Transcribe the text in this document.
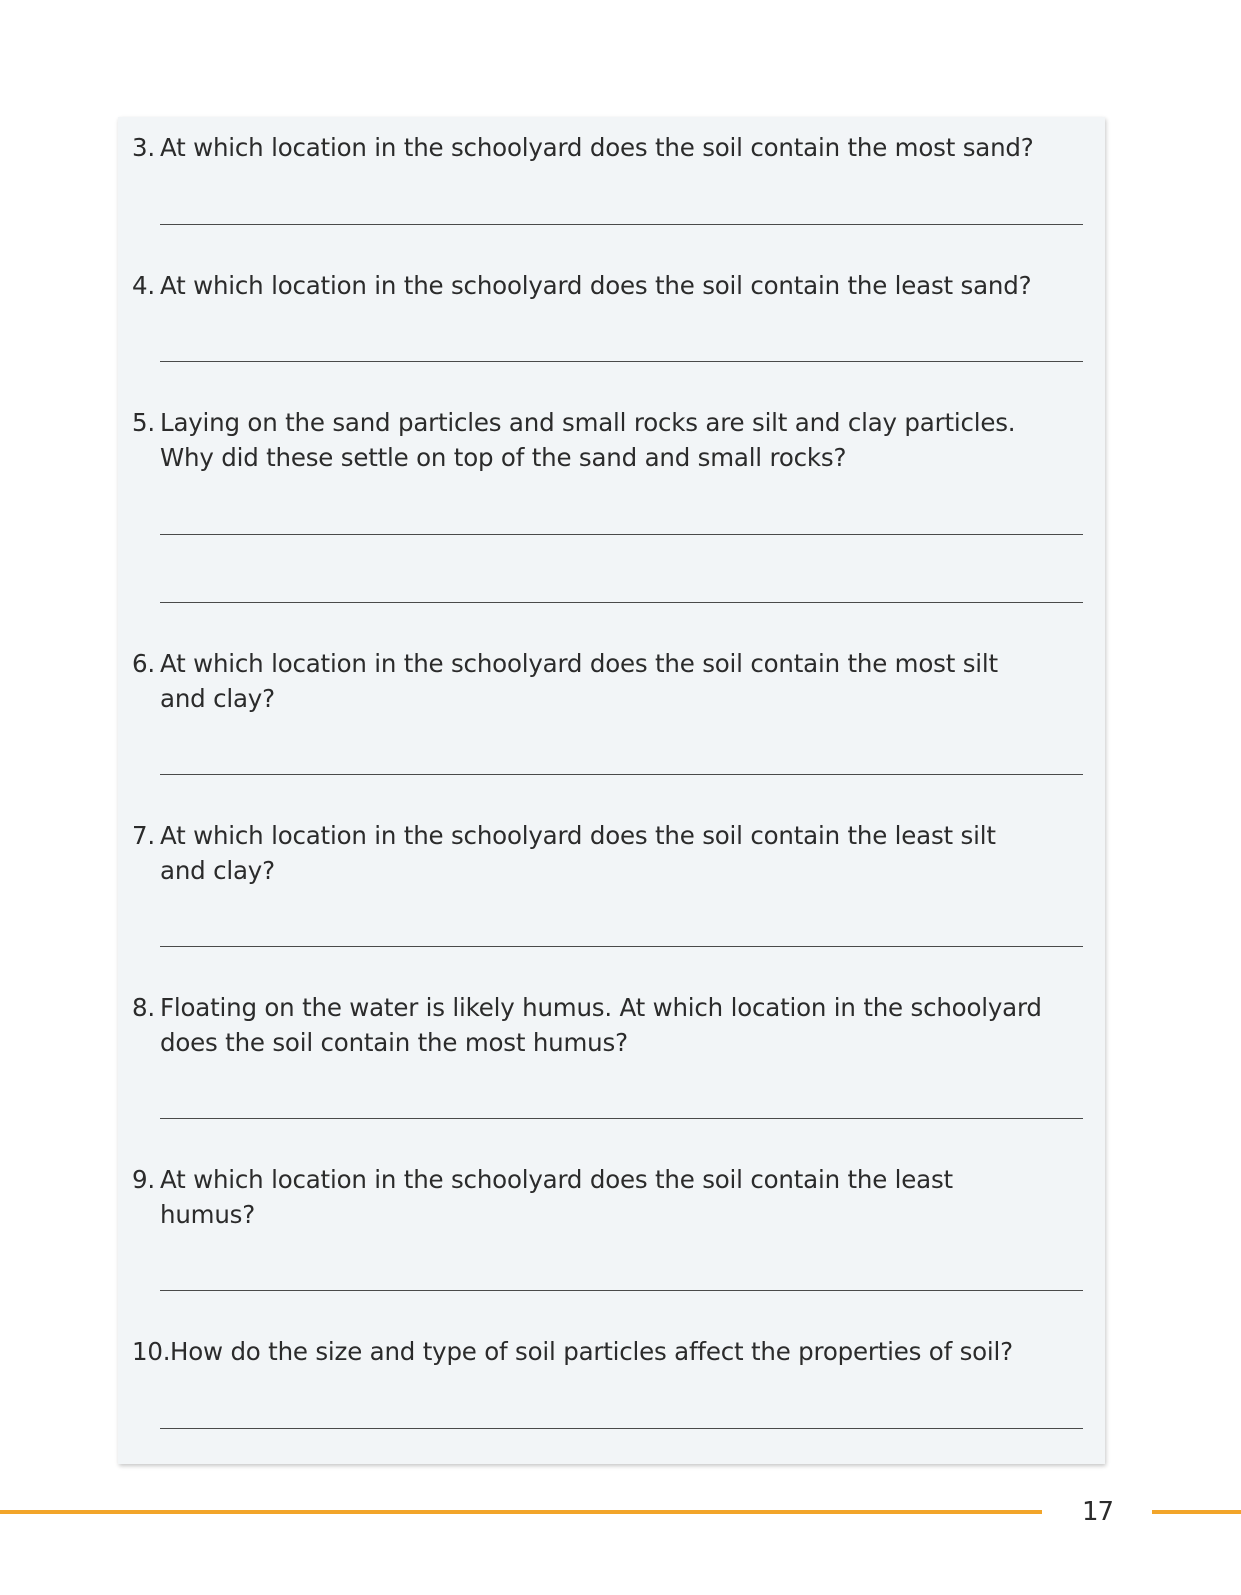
3. At which location in the schoolyard does the soil contain the most sand?
4. At which location in the schoolyard does the soil contain the least sand?
5. Laying on the sand particles and small rocks are silt and clay particles.
Why did these settle on top of the sand and small rocks?
6. At which location in the schoolyard does the soil contain the most silt
and clay?
7. At which location in the schoolyard does the soil contain the least silt
and clay?
8. Floating on the water is likely humus. At which location in the schoolyard
does the soil contain the most humus?
9. At which location in the schoolyard does the soil contain the least
humus?
10.How do the size and type of soil particles affect the properties of soil?
17
